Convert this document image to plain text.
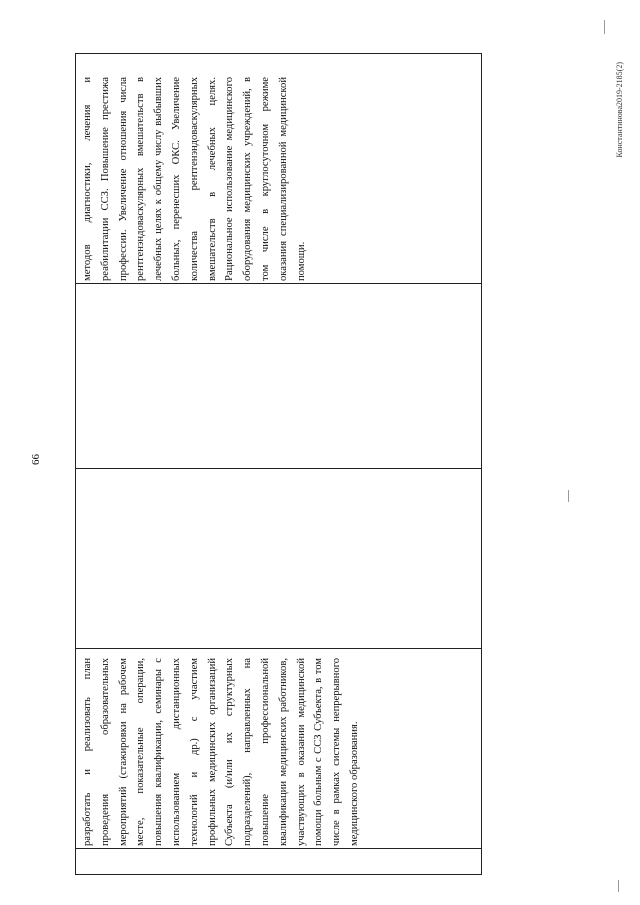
66

разработать и реализовать план проведения образовательных мероприятий (стажировки на рабочем месте, показательные операции, повышения квалификации, семинары с использованием дистанционных технологий и др.) с участием профильных медицинских организаций Субъекта (и/или их структурных подразделений), направленных на повышение профессиональной квалификации медицинских работников, участвующих в оказании медицинской помощи больным с ССЗ Субъекта, в том числе в рамках системы непрерывного медицинского образования.

методов диагностики, лечения и реабилитации ССЗ. Повышение престижа профессии. Увеличение отношения числа рентгенэндоваскулярных вмешательств в лечебных целях к общему числу выбывших больных, перенесших ОКС. Увеличение количества рентгенэндоваскулярных вмешательств в лечебных целях. Рациональное использование медицинского оборудования медицинских учреждений, в том числе в круглосуточном режиме оказания специализированной медицинской помощи.

Константинова2019-2185(2)
